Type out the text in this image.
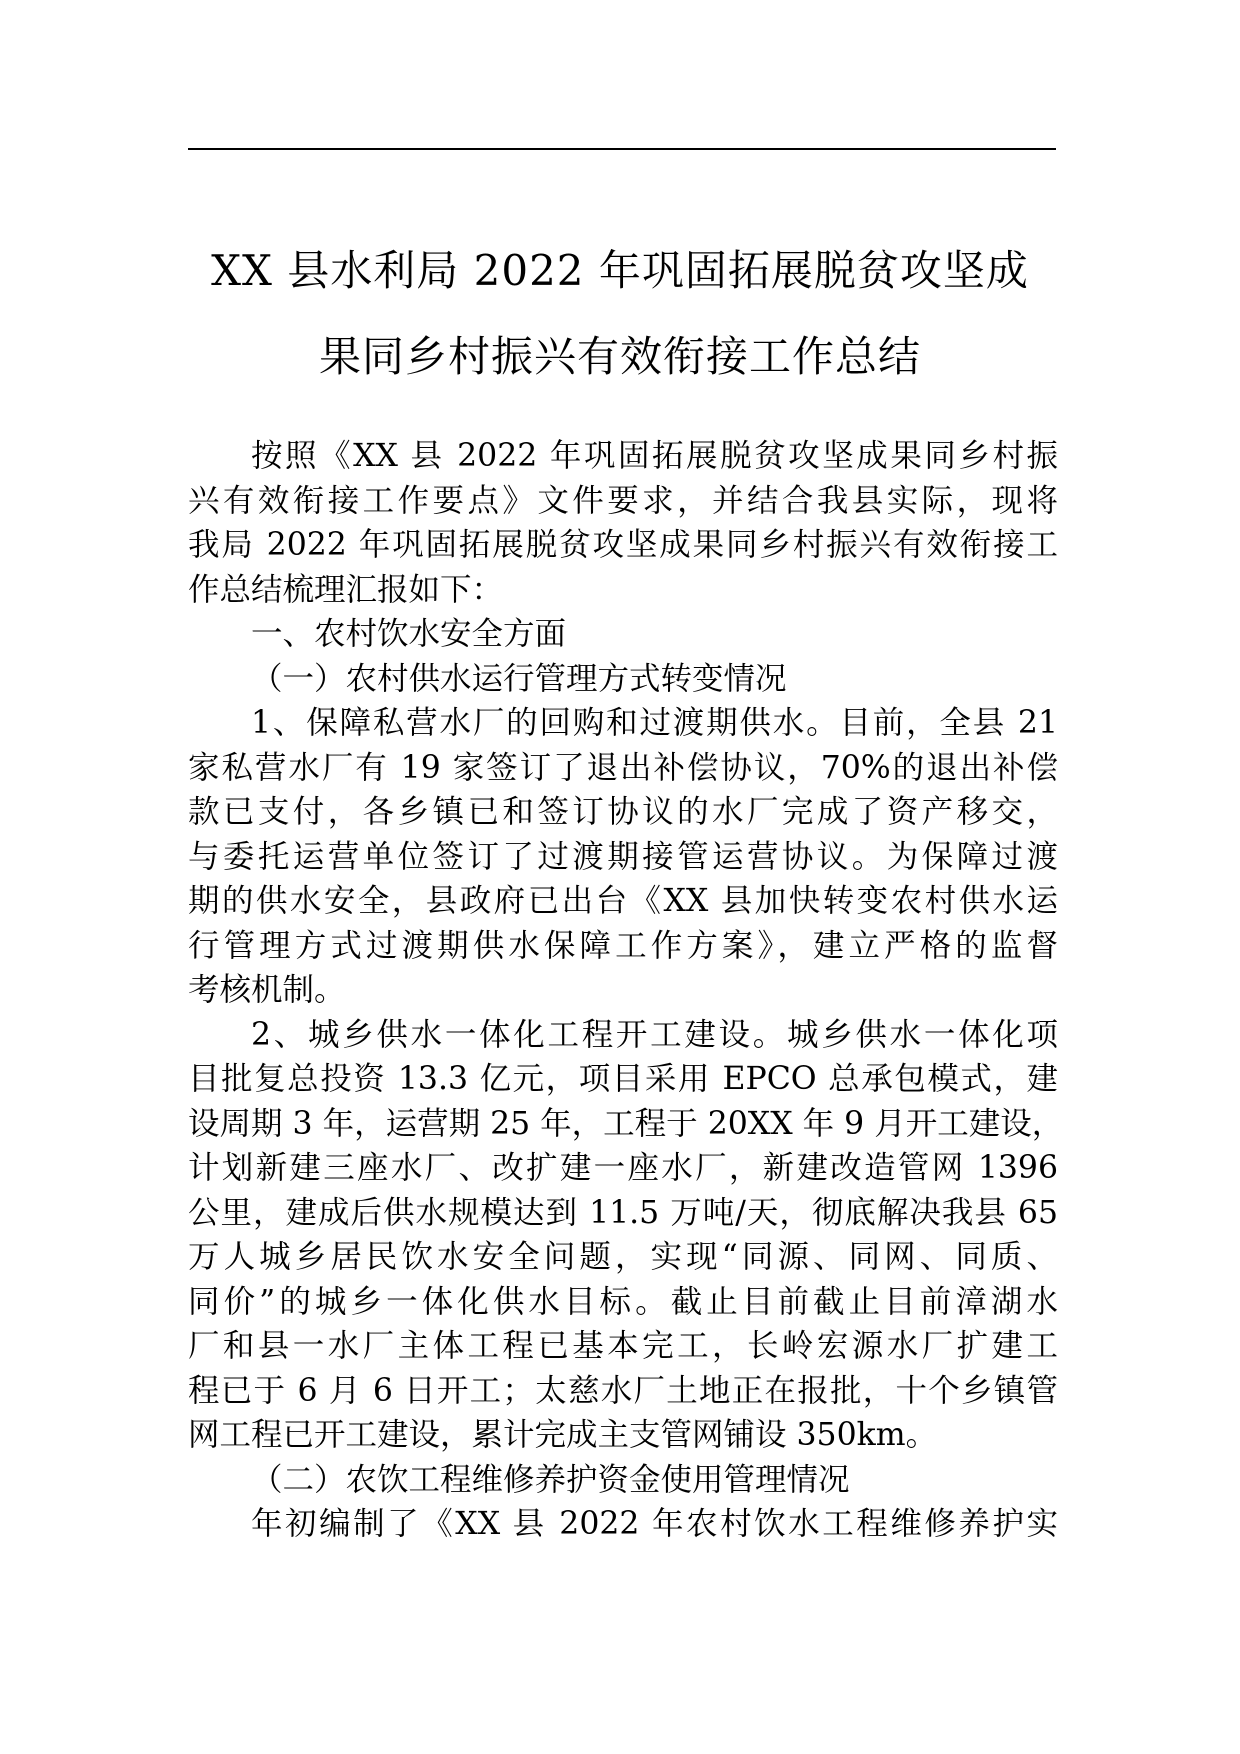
XX 县水利局 2022 年巩固拓展脱贫攻坚成
果同乡村振兴有效衔接工作总结
按照《XX 县 2022 年巩固拓展脱贫攻坚成果同乡村振
兴有效衔接工作要点》文件要求，并结合我县实际，现将
我局 2022 年巩固拓展脱贫攻坚成果同乡村振兴有效衔接工
作总结梳理汇报如下：
一、农村饮水安全方面
（一）农村供水运行管理方式转变情况
1、保障私营水厂的回购和过渡期供水。目前，全县 21
家私营水厂有 19 家签订了退出补偿协议，70%的退出补偿
款已支付，各乡镇已和签订协议的水厂完成了资产移交，
与委托运营单位签订了过渡期接管运营协议。为保障过渡
期的供水安全，县政府已出台《XX 县加快转变农村供水运
行管理方式过渡期供水保障工作方案》，建立严格的监督
考核机制。
2、城乡供水一体化工程开工建设。城乡供水一体化项
目批复总投资 13.3 亿元，项目采用 EPCO 总承包模式，建
设周期 3 年，运营期 25 年，工程于 20XX 年 9 月开工建设，
计划新建三座水厂、改扩建一座水厂，新建改造管网 1396
公里，建成后供水规模达到 11.5 万吨/天，彻底解决我县 65
万人城乡居民饮水安全问题，实现“同源、同网、同质、
同价”的城乡一体化供水目标。截止目前截止目前漳湖水
厂和县一水厂主体工程已基本完工，长岭宏源水厂扩建工
程已于 6 月 6 日开工；太慈水厂土地正在报批，十个乡镇管
网工程已开工建设，累计完成主支管网铺设 350km。
（二）农饮工程维修养护资金使用管理情况
年初编制了《XX 县 2022 年农村饮水工程维修养护实
